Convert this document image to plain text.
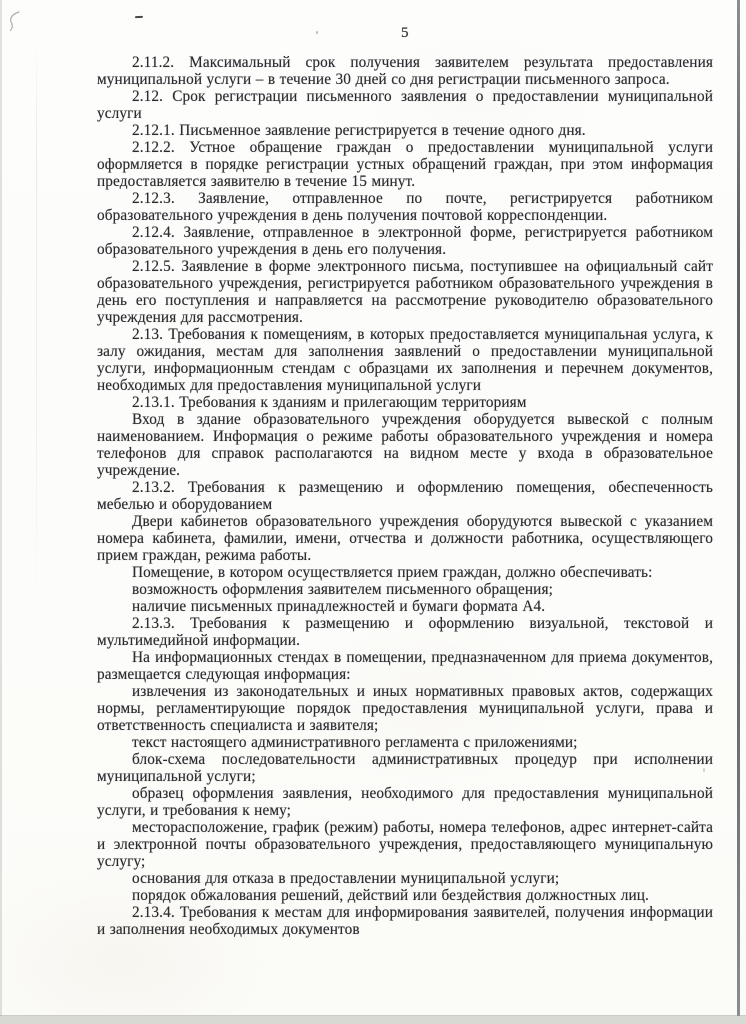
5

2.11.2. Максимальный срок получения заявителем результата предоставления муниципальной услуги – в течение 30 дней со дня регистрации письменного запроса.

2.12. Срок регистрации письменного заявления о предоставлении муниципальной услуги

2.12.1. Письменное заявление регистрируется в течение одного дня.

2.12.2. Устное обращение граждан о предоставлении муниципальной услуги оформляется в порядке регистрации устных обращений граждан, при этом информация предоставляется заявителю в течение 15 минут.

2.12.3. Заявление, отправленное по почте, регистрируется работником образовательного учреждения в день получения почтовой корреспонденции.

2.12.4. Заявление, отправленное в электронной форме, регистрируется работником образовательного учреждения в день его получения.

2.12.5. Заявление в форме электронного письма, поступившее на официальный сайт образовательного учреждения, регистрируется работником образовательного учреждения в день его поступления и направляется на рассмотрение руководителю образовательного учреждения для рассмотрения.

2.13. Требования к помещениям, в которых предоставляется муниципальная услуга, к залу ожидания, местам для заполнения заявлений о предоставлении муниципальной услуги, информационным стендам с образцами их заполнения и перечнем документов, необходимых для предоставления муниципальной услуги

2.13.1. Требования к зданиям и прилегающим территориям

Вход в здание образовательного учреждения оборудуется вывеской с полным наименованием. Информация о режиме работы образовательного учреждения и номера телефонов для справок располагаются на видном месте у входа в образовательное учреждение.

2.13.2. Требования к размещению и оформлению помещения, обеспеченность мебелью и оборудованием

Двери кабинетов образовательного учреждения оборудуются вывеской с указанием номера кабинета, фамилии, имени, отчества и должности работника, осуществляющего прием граждан, режима работы.

Помещение, в котором осуществляется прием граждан, должно обеспечивать:

возможность оформления заявителем письменного обращения;

наличие письменных принадлежностей и бумаги формата А4.

2.13.3. Требования к размещению и оформлению визуальной, текстовой и мультимедийной информации.

На информационных стендах в помещении, предназначенном для приема документов, размещается следующая информация:

извлечения из законодательных и иных нормативных правовых актов, содержащих нормы, регламентирующие порядок предоставления муниципальной услуги, права и ответственность специалиста и заявителя;

текст настоящего административного регламента с приложениями;

блок-схема последовательности административных процедур при исполнении муниципальной услуги;

образец оформления заявления, необходимого для предоставления муниципальной услуги, и требования к нему;

месторасположение, график (режим) работы, номера телефонов, адрес интернет-сайта и электронной почты образовательного учреждения, предоставляющего муниципальную услугу;

основания для отказа в предоставлении муниципальной услуги;

порядок обжалования решений, действий или бездействия должностных лиц.

2.13.4. Требования к местам для информирования заявителей, получения информации и заполнения необходимых документов
